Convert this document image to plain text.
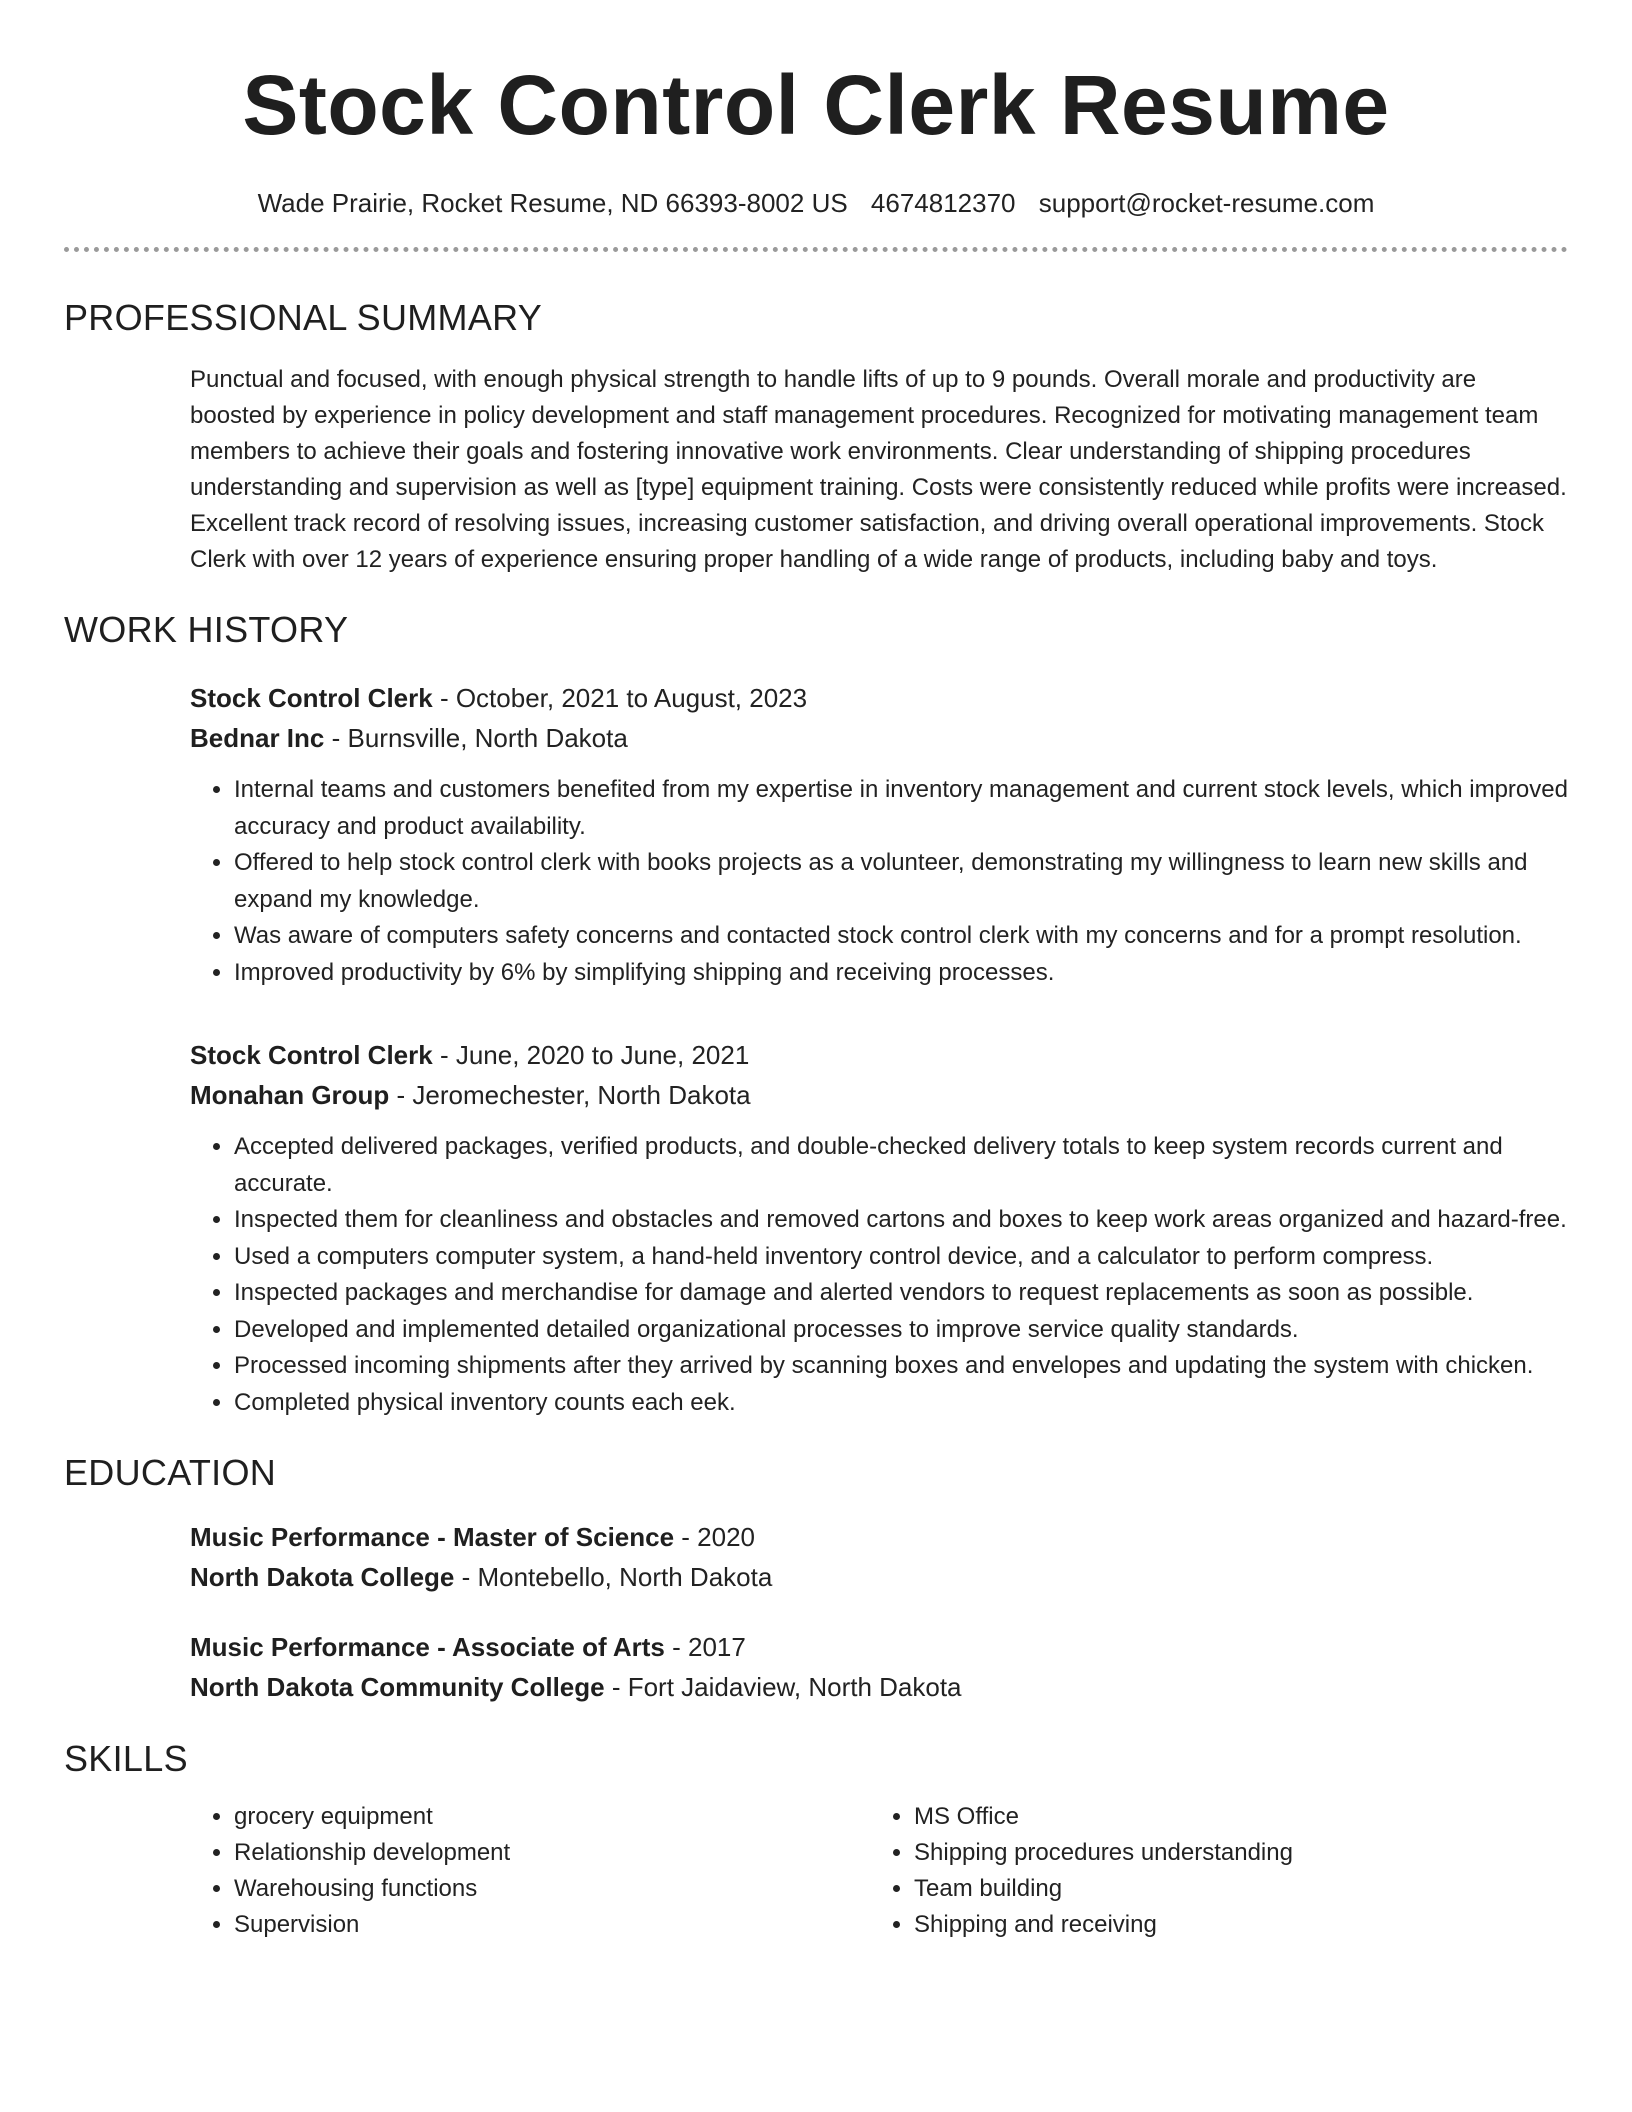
Stock Control Clerk Resume
Wade Prairie, Rocket Resume, ND 66393-8002 US 4674812370 support@rocket-resume.com
PROFESSIONAL SUMMARY

Punctual and focused, with enough physical strength to handle lifts of up to 9 pounds. Overall morale and productivity are boosted by experience in policy development and staff management procedures. Recognized for motivating management team members to achieve their goals and fostering innovative work environments. Clear understanding of shipping procedures understanding and supervision as well as [type] equipment training. Costs were consistently reduced while profits were increased. Excellent track record of resolving issues, increasing customer satisfaction, and driving overall operational improvements. Stock Clerk with over 12 years of experience ensuring proper handling of a wide range of products, including baby and toys.

WORK HISTORY
Stock Control Clerk - October, 2021 to August, 2023
Bednar Inc - Burnsville, North Dakota
• Internal teams and customers benefited from my expertise in inventory management and current stock levels, which improved accuracy and product availability.
• Offered to help stock control clerk with books projects as a volunteer, demonstrating my willingness to learn new skills and expand my knowledge.
• Was aware of computers safety concerns and contacted stock control clerk with my concerns and for a prompt resolution.
• Improved productivity by 6% by simplifying shipping and receiving processes.
Stock Control Clerk - June, 2020 to June, 2021
Monahan Group - Jeromechester, North Dakota
• Accepted delivered packages, verified products, and double-checked delivery totals to keep system records current and accurate.
• Inspected them for cleanliness and obstacles and removed cartons and boxes to keep work areas organized and hazard-free.
• Used a computers computer system, a hand-held inventory control device, and a calculator to perform compress.
• Inspected packages and merchandise for damage and alerted vendors to request replacements as soon as possible.
• Developed and implemented detailed organizational processes to improve service quality standards.
• Processed incoming shipments after they arrived by scanning boxes and envelopes and updating the system with chicken.
• Completed physical inventory counts each eek.
EDUCATION
Music Performance - Master of Science - 2020
North Dakota College - Montebello, North Dakota
Music Performance - Associate of Arts - 2017
North Dakota Community College - Fort Jaidaview, North Dakota
SKILLS
• grocery equipment
• Relationship development
• Warehousing functions
• Supervision
• MS Office
• Shipping procedures understanding
• Team building
• Shipping and receiving
